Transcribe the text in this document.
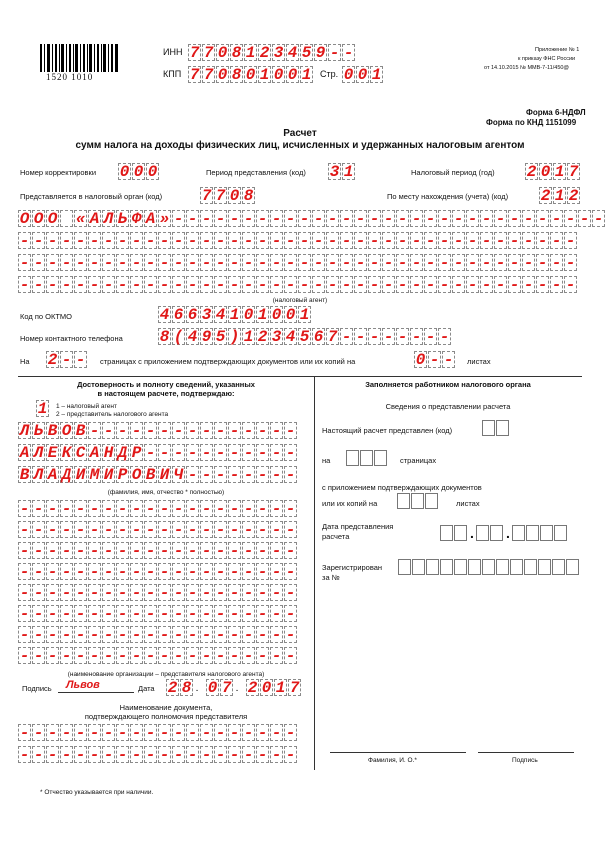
1520 1010
ИНН 7 7 0 8 1 2 3 4 5 9 - -
КПП 7 7 0 8 0 1 0 0 1 Стр. 0 0 1
Приложение № 1
к приказу ФНС России
от 14.10.2015 № ММВ-7-11/450@
Форма 6-НДФЛ
Форма по КНД 1151099
Расчет
сумм налога на доходы физических лиц, исчисленных и удержанных налоговым агентом
Номер корректировки 0 0 0	Период представления (код) 3 1	Налоговый период (год) 2 0 1 7
Представляется в налоговый орган (код) 7 7 0 8	По месту нахождения (учета) (код) 2 1 2
О О О « А Л Ь Ф А » - - - - - - - - - - - - - - - - - - - - - - - - - - - - - - -
- - - - - - - - - - - - - - - - - - - - - - - - - - - - - - - - - - - - - - - -
- - - - - - - - - - - - - - - - - - - - - - - - - - - - - - - - - - - - - - - -
- - - - - - - - - - - - - - - - - - - - - - - - - - - - - - - - - - - - - - - -
(налоговый агент)
Код по ОКТМО	4 6 6 3 4 1 0 1 0 0 1
Номер контактного телефона 8 ( 4 9 5 ) 1 2 3 4 5 6 7 - - - - - - - -
На 2 - - страницах с приложением подтверждающих документов или их копий на	0 - - листах
Достоверность и полноту сведений, указанных
в настоящем расчете, подтверждаю:
1 1 – налоговый агент
2 – представитель налогового агента
Л Ь В О В - - - - - - - - - - - - - - -
А Л Е К С А Н Д Р - - - - - - - - - - -
В Л А Д И М И Р О В И Ч - - - - - - - -
(фамилия, имя, отчество * полностью)
- - - - - - - - - - - - - - - - - - - -
- - - - - - - - - - - - - - - - - - - -
- - - - - - - - - - - - - - - - - - - -
- - - - - - - - - - - - - - - - - - - -
- - - - - - - - - - - - - - - - - - - -
- - - - - - - - - - - - - - - - - - - -
- - - - - - - - - - - - - - - - - - - -
- - - - - - - - - - - - - - - - - - - -
(наименование организации – представителя налогового агента)
Подпись Львов	Дата 2 8 . 0 7 . 2 0 1 7
Наименование документа,
подтверждающего полномочия представителя
- - - - - - - - - - - - - - - - - - - -
- - - - - - - - - - - - - - - - - - - -
Заполняется работником налогового органа
Сведения о представлении расчета
Настоящий расчет представлен (код)
на	страницах
с приложением подтверждающих документов
или их копий на	листах
Дата представления
расчета	. .
Зарегистрирован
за №
Фамилия, И. О.*	Подпись
* Отчество указывается при наличии.
